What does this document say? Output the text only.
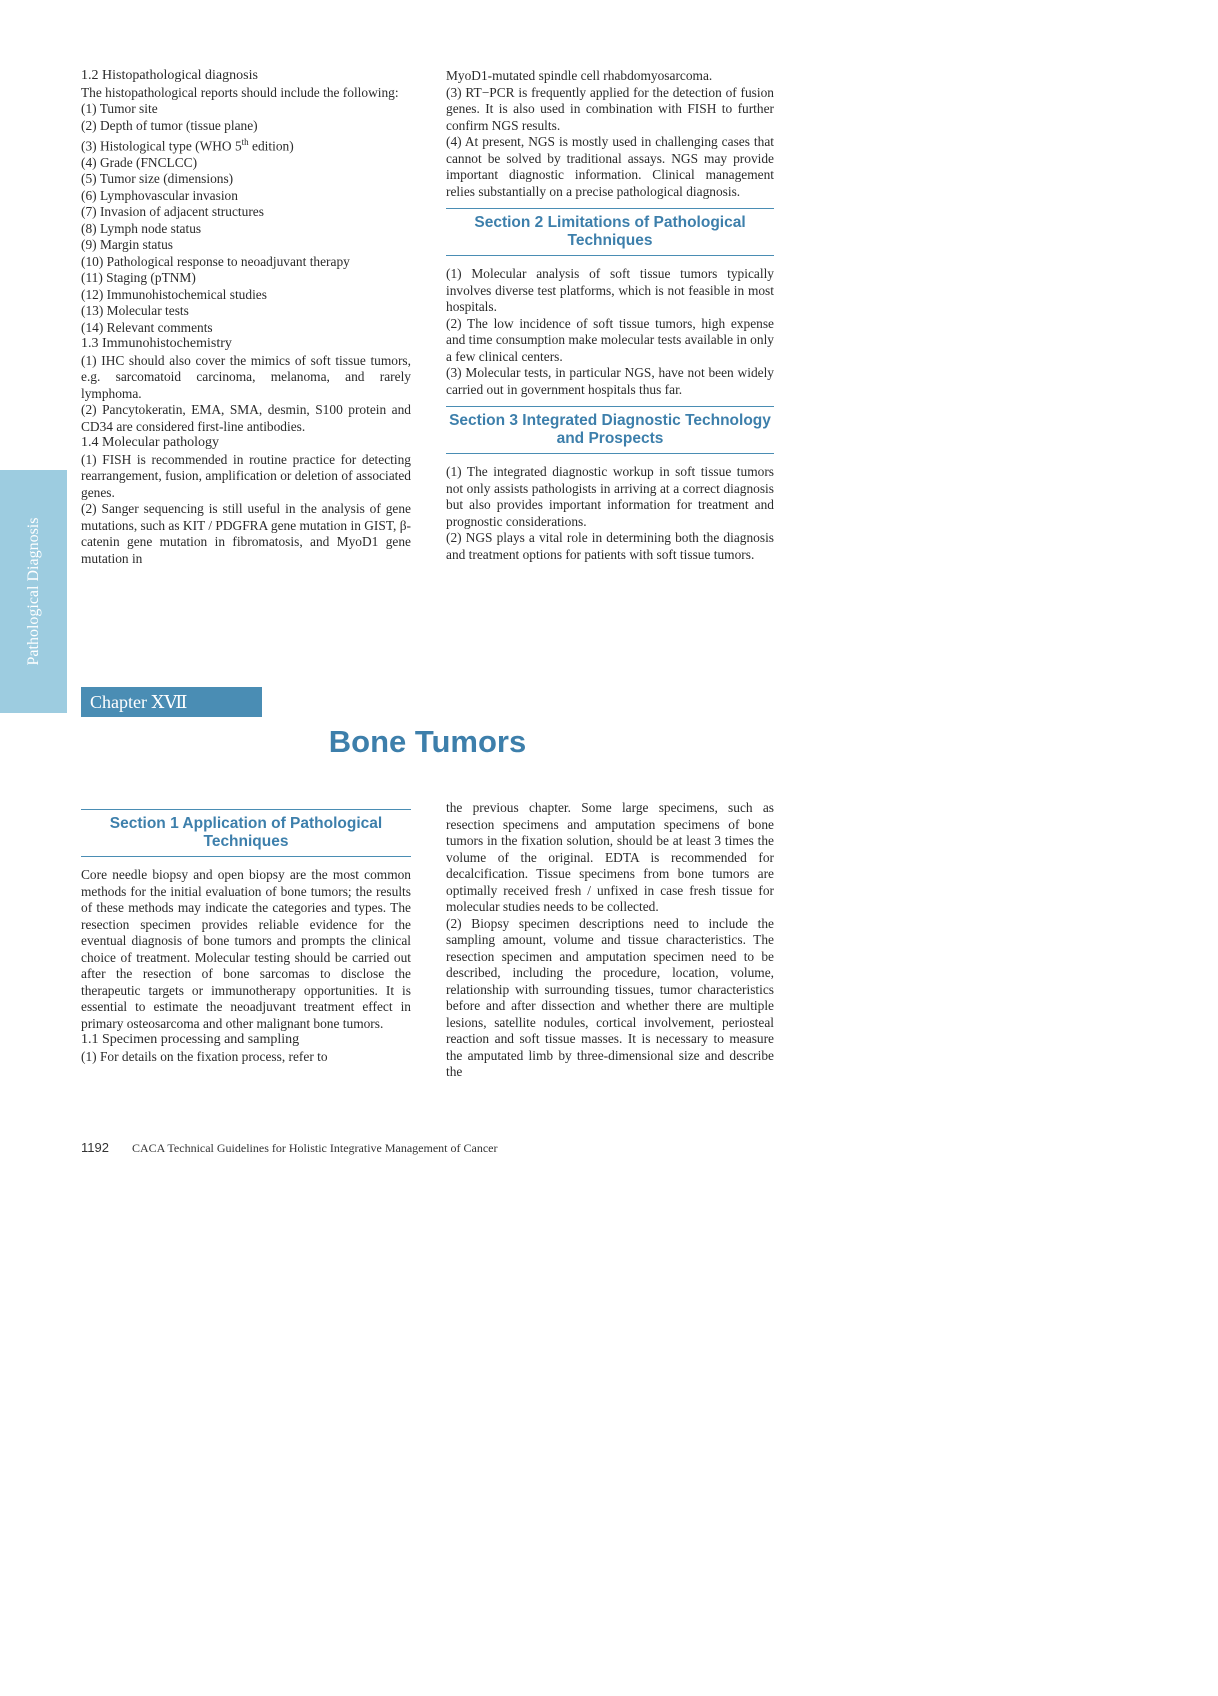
Pathological Diagnosis

1.2 Histopathological diagnosis

The histopathological reports should include the following:

(1) Tumor site

(2) Depth of tumor (tissue plane)

(3) Histological type (WHO 5th edition)

(4) Grade (FNCLCC)

(5) Tumor size (dimensions)

(6) Lymphovascular invasion

(7) Invasion of adjacent structures

(8) Lymph node status

(9) Margin status

(10) Pathological response to neoadjuvant therapy

(11) Staging (pTNM)

(12) Immunohistochemical studies

(13) Molecular tests

(14) Relevant comments

1.3 Immunohistochemistry

(1) IHC should also cover the mimics of soft tissue tumors, e.g. sarcomatoid carcinoma, melanoma, and rarely lymphoma.

(2) Pancytokeratin, EMA, SMA, desmin, S100 protein and CD34 are considered first-line antibodies.

1.4 Molecular pathology

(1) FISH is recommended in routine practice for detecting rearrangement, fusion, amplification or deletion of associated genes.

(2) Sanger sequencing is still useful in the analysis of gene mutations, such as KIT / PDGFRA gene mutation in GIST, β-catenin gene mutation in fibromatosis, and MyoD1 gene mutation in

MyoD1-mutated spindle cell rhabdomyosarcoma.

(3) RT−PCR is frequently applied for the detection of fusion genes. It is also used in combination with FISH to further confirm NGS results.

(4) At present, NGS is mostly used in challenging cases that cannot be solved by traditional assays. NGS may provide important diagnostic information. Clinical management relies substantially on a precise pathological diagnosis.

Section 2 Limitations of Pathological Techniques

(1) Molecular analysis of soft tissue tumors typically involves diverse test platforms, which is not feasible in most hospitals.

(2) The low incidence of soft tissue tumors, high expense and time consumption make molecular tests available in only a few clinical centers.

(3) Molecular tests, in particular NGS, have not been widely carried out in government hospitals thus far.

Section 3 Integrated Diagnostic Technology and Prospects

(1) The integrated diagnostic workup in soft tissue tumors not only assists pathologists in arriving at a correct diagnosis but also provides important information for treatment and prognostic considerations.

(2) NGS plays a vital role in determining both the diagnosis and treatment options for patients with soft tissue tumors.

Chapter ⅩⅦ
Bone Tumors
Section 1 Application of Pathological Techniques

Core needle biopsy and open biopsy are the most common methods for the initial evaluation of bone tumors; the results of these methods may indicate the categories and types. The resection specimen provides reliable evidence for the eventual diagnosis of bone tumors and prompts the clinical choice of treatment. Molecular testing should be carried out after the resection of bone sarcomas to disclose the therapeutic targets or immunotherapy opportunities. It is essential to estimate the neoadjuvant treatment effect in primary osteosarcoma and other malignant bone tumors.

1.1 Specimen processing and sampling

(1) For details on the fixation process, refer to

the previous chapter. Some large specimens, such as resection specimens and amputation specimens of bone tumors in the fixation solution, should be at least 3 times the volume of the original. EDTA is recommended for decalcification. Tissue specimens from bone tumors are optimally received fresh / unfixed in case fresh tissue for molecular studies needs to be collected.

(2) Biopsy specimen descriptions need to include the sampling amount, volume and tissue characteristics. The resection specimen and amputation specimen need to be described, including the procedure, location, volume, relationship with surrounding tissues, tumor characteristics before and after dissection and whether there are multiple lesions, satellite nodules, cortical involvement, periosteal reaction and soft tissue masses. It is necessary to measure the amputated limb by three-dimensional size and describe the

1192 CACA Technical Guidelines for Holistic Integrative Management of Cancer
